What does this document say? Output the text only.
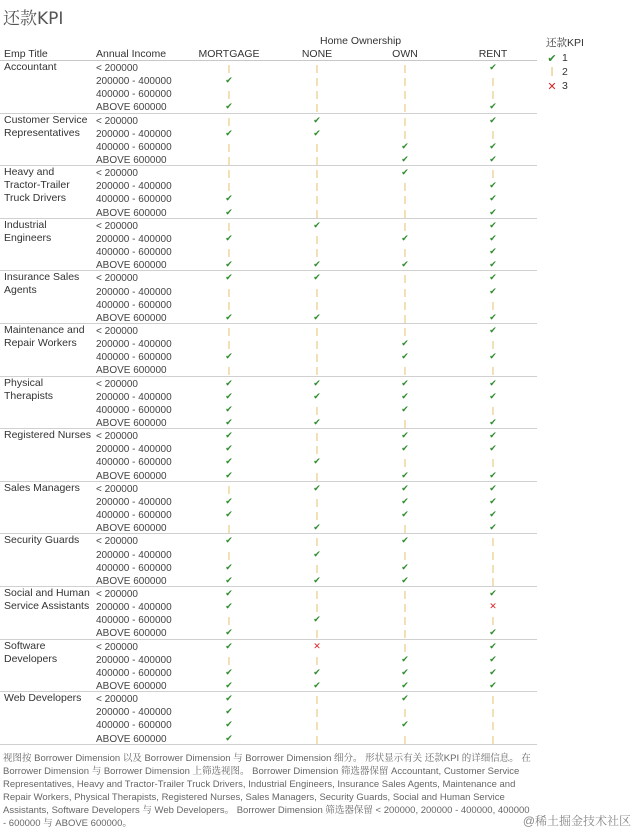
还款KPI
Home Ownership
Emp Title	Annual Income	MORTGAGE	NONE	OWN	RENT
Accountant	< 200000	❘	❘	❘	✔
200000 - 400000	✔	❘	❘	❘
400000 - 600000	❘	❘	❘	❘
ABOVE 600000	✔	❘	❘	✔
Customer Service Representatives
< 200000	❘	✔	❘	✔
200000 - 400000	✔	✔	❘	❘
400000 - 600000	❘	❘	✔	✔
ABOVE 600000	❘	❘	✔	✔
Heavy and Tractor-Trailer Truck Drivers
< 200000	❘	❘	✔	❘
200000 - 400000	❘	❘	❘	✔
400000 - 600000	✔	❘	❘	✔
ABOVE 600000	✔	❘	❘	✔
Industrial Engineers
< 200000	❘	✔	❘	✔
200000 - 400000	✔	❘	✔	✔
400000 - 600000	❘	❘	❘	✔
ABOVE 600000	✔	✔	✔	✔
Insurance Sales Agents
< 200000	✔	✔	❘	✔
200000 - 400000	❘	❘	❘	✔
400000 - 600000	❘	❘	❘	❘
ABOVE 600000	✔	✔	❘	✔
Maintenance and Repair Workers
< 200000	❘	❘	❘	✔
200000 - 400000	❘	❘	✔	❘
400000 - 600000	✔	❘	✔	✔
ABOVE 600000	❘	❘	❘	❘
Physical Therapists
< 200000	✔	✔	✔	✔
200000 - 400000	✔	✔	✔	✔
400000 - 600000	✔	❘	✔	❘
ABOVE 600000	✔	✔	❘	✔
Registered Nurses < 200000	✔	❘	✔	✔
200000 - 400000	✔	❘	✔	✔
400000 - 600000	✔	✔	❘	❘
ABOVE 600000	✔	❘	✔	✔
Sales Managers	< 200000	❘	✔	✔	✔
200000 - 400000	✔	❘	✔	✔
400000 - 600000	✔	❘	✔	✔
ABOVE 600000	❘	✔	❘	✔
Security Guards	< 200000	✔	❘	✔	❘
200000 - 400000	❘	✔	❘	❘
400000 - 600000	✔	❘	✔	❘
ABOVE 600000	✔	✔	✔	❘
Social and Human Service Assistants
< 200000	✔	❘	❘	✔
200000 - 400000	✔	❘	❘	✕
400000 - 600000	❘	✔	❘	❘
ABOVE 600000	✔	❘	❘	✔
Software Developers
< 200000	✔	✕	❘	✔
200000 - 400000	❘	❘	✔	✔
400000 - 600000	✔	✔	✔	✔
ABOVE 600000	✔	✔	✔	✔
Web Developers	< 200000	✔	❘	✔	❘
200000 - 400000	✔	❘	❘	❘
400000 - 600000	✔	❘	✔	❘
ABOVE 600000	✔	❘	❘	❘
还款KPI
✔ 1
❘ 2
✕ 3
视图按 Borrower Dimension 以及 Borrower Dimension 与 Borrower Dimension 细分。 形状显示有关 还款KPI 的详细信息。 在 Borrower Dimension 与 Borrower Dimension 上筛选视图。 Borrower Dimension 筛选器保留 Accountant, Customer Service Representatives, Heavy and Tractor-Trailer Truck Drivers, Industrial Engineers, Insurance Sales Agents, Maintenance and Repair Workers, Physical Therapists, Registered Nurses, Sales Managers, Security Guards, Social and Human Service Assistants, Software Developers 与 Web Developers。 Borrower Dimension 筛选器保留 < 200000, 200000 - 400000, 400000 - 600000 与 ABOVE 600000。	@稀土掘金技术社区
